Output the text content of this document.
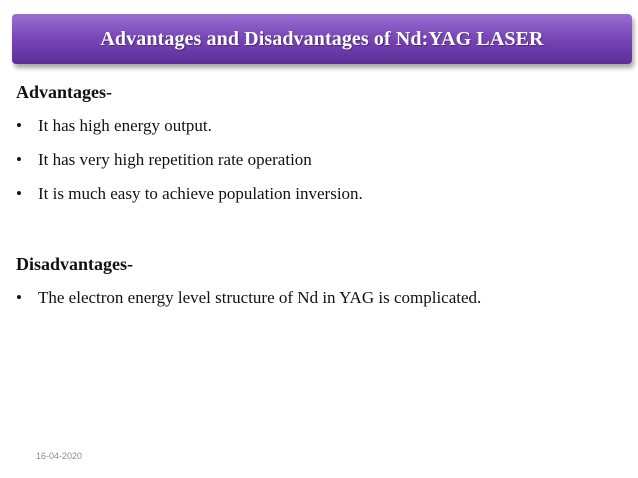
Advantages and Disadvantages of Nd:YAG LASER
Advantages-
• It has high energy output.
• It has very high repetition rate operation
• It is much easy to achieve population inversion.
Disadvantages-
• The electron energy level structure of Nd in YAG is complicated.
16-04-2020
